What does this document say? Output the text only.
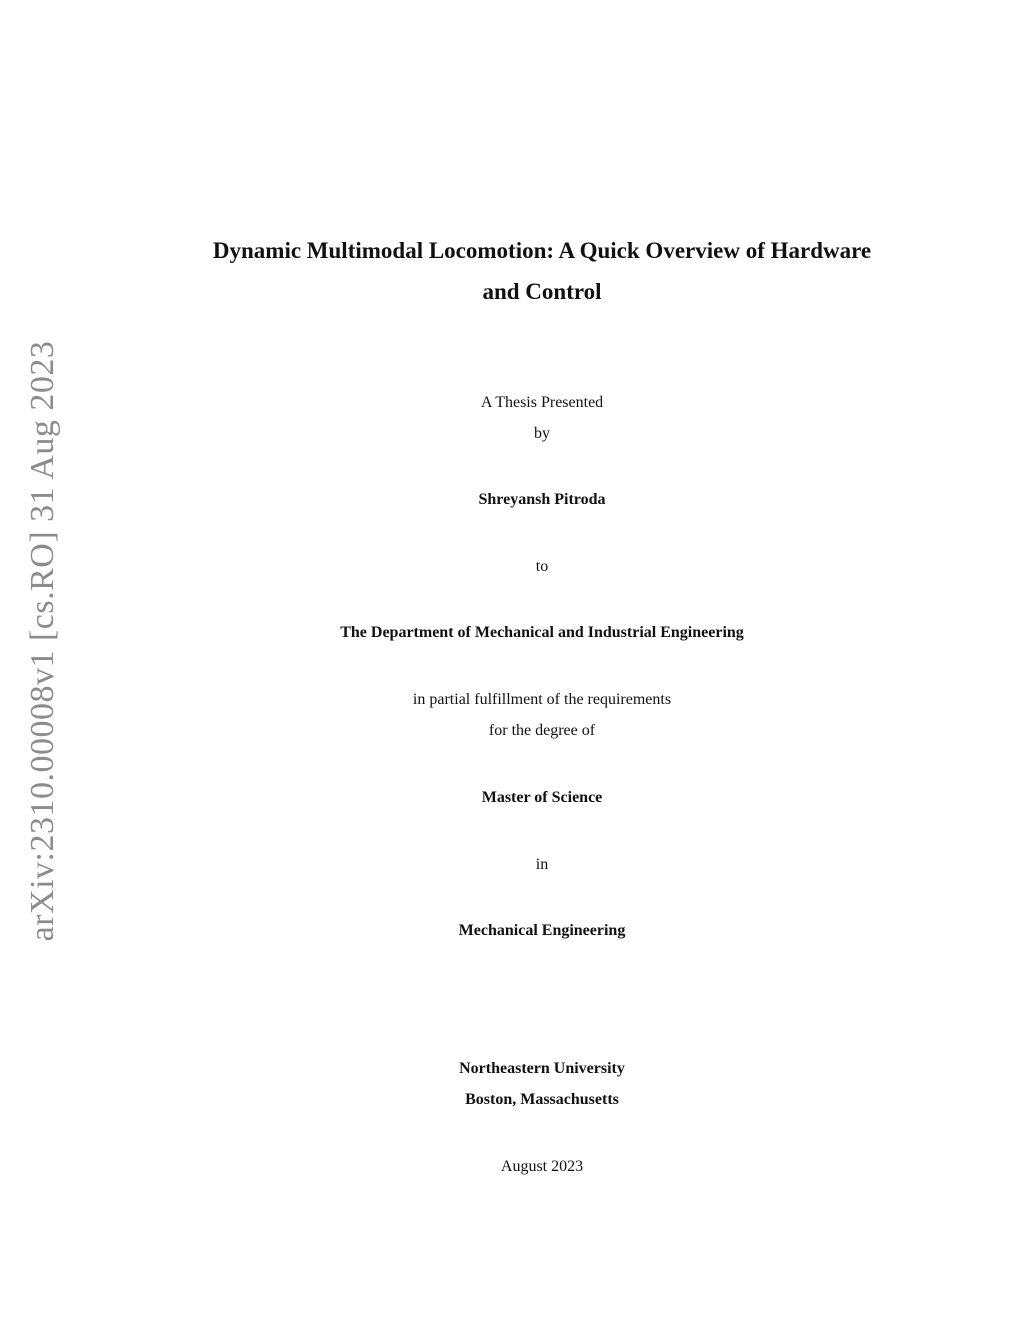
arXiv:2310.00008v1 [cs.RO] 31 Aug 2023
Dynamic Multimodal Locomotion: A Quick Overview of Hardware
and Control
A Thesis Presented
by
Shreyansh Pitroda
to
The Department of Mechanical and Industrial Engineering
in partial fulfillment of the requirements
for the degree of
Master of Science
in
Mechanical Engineering
Northeastern University
Boston, Massachusetts
August 2023
